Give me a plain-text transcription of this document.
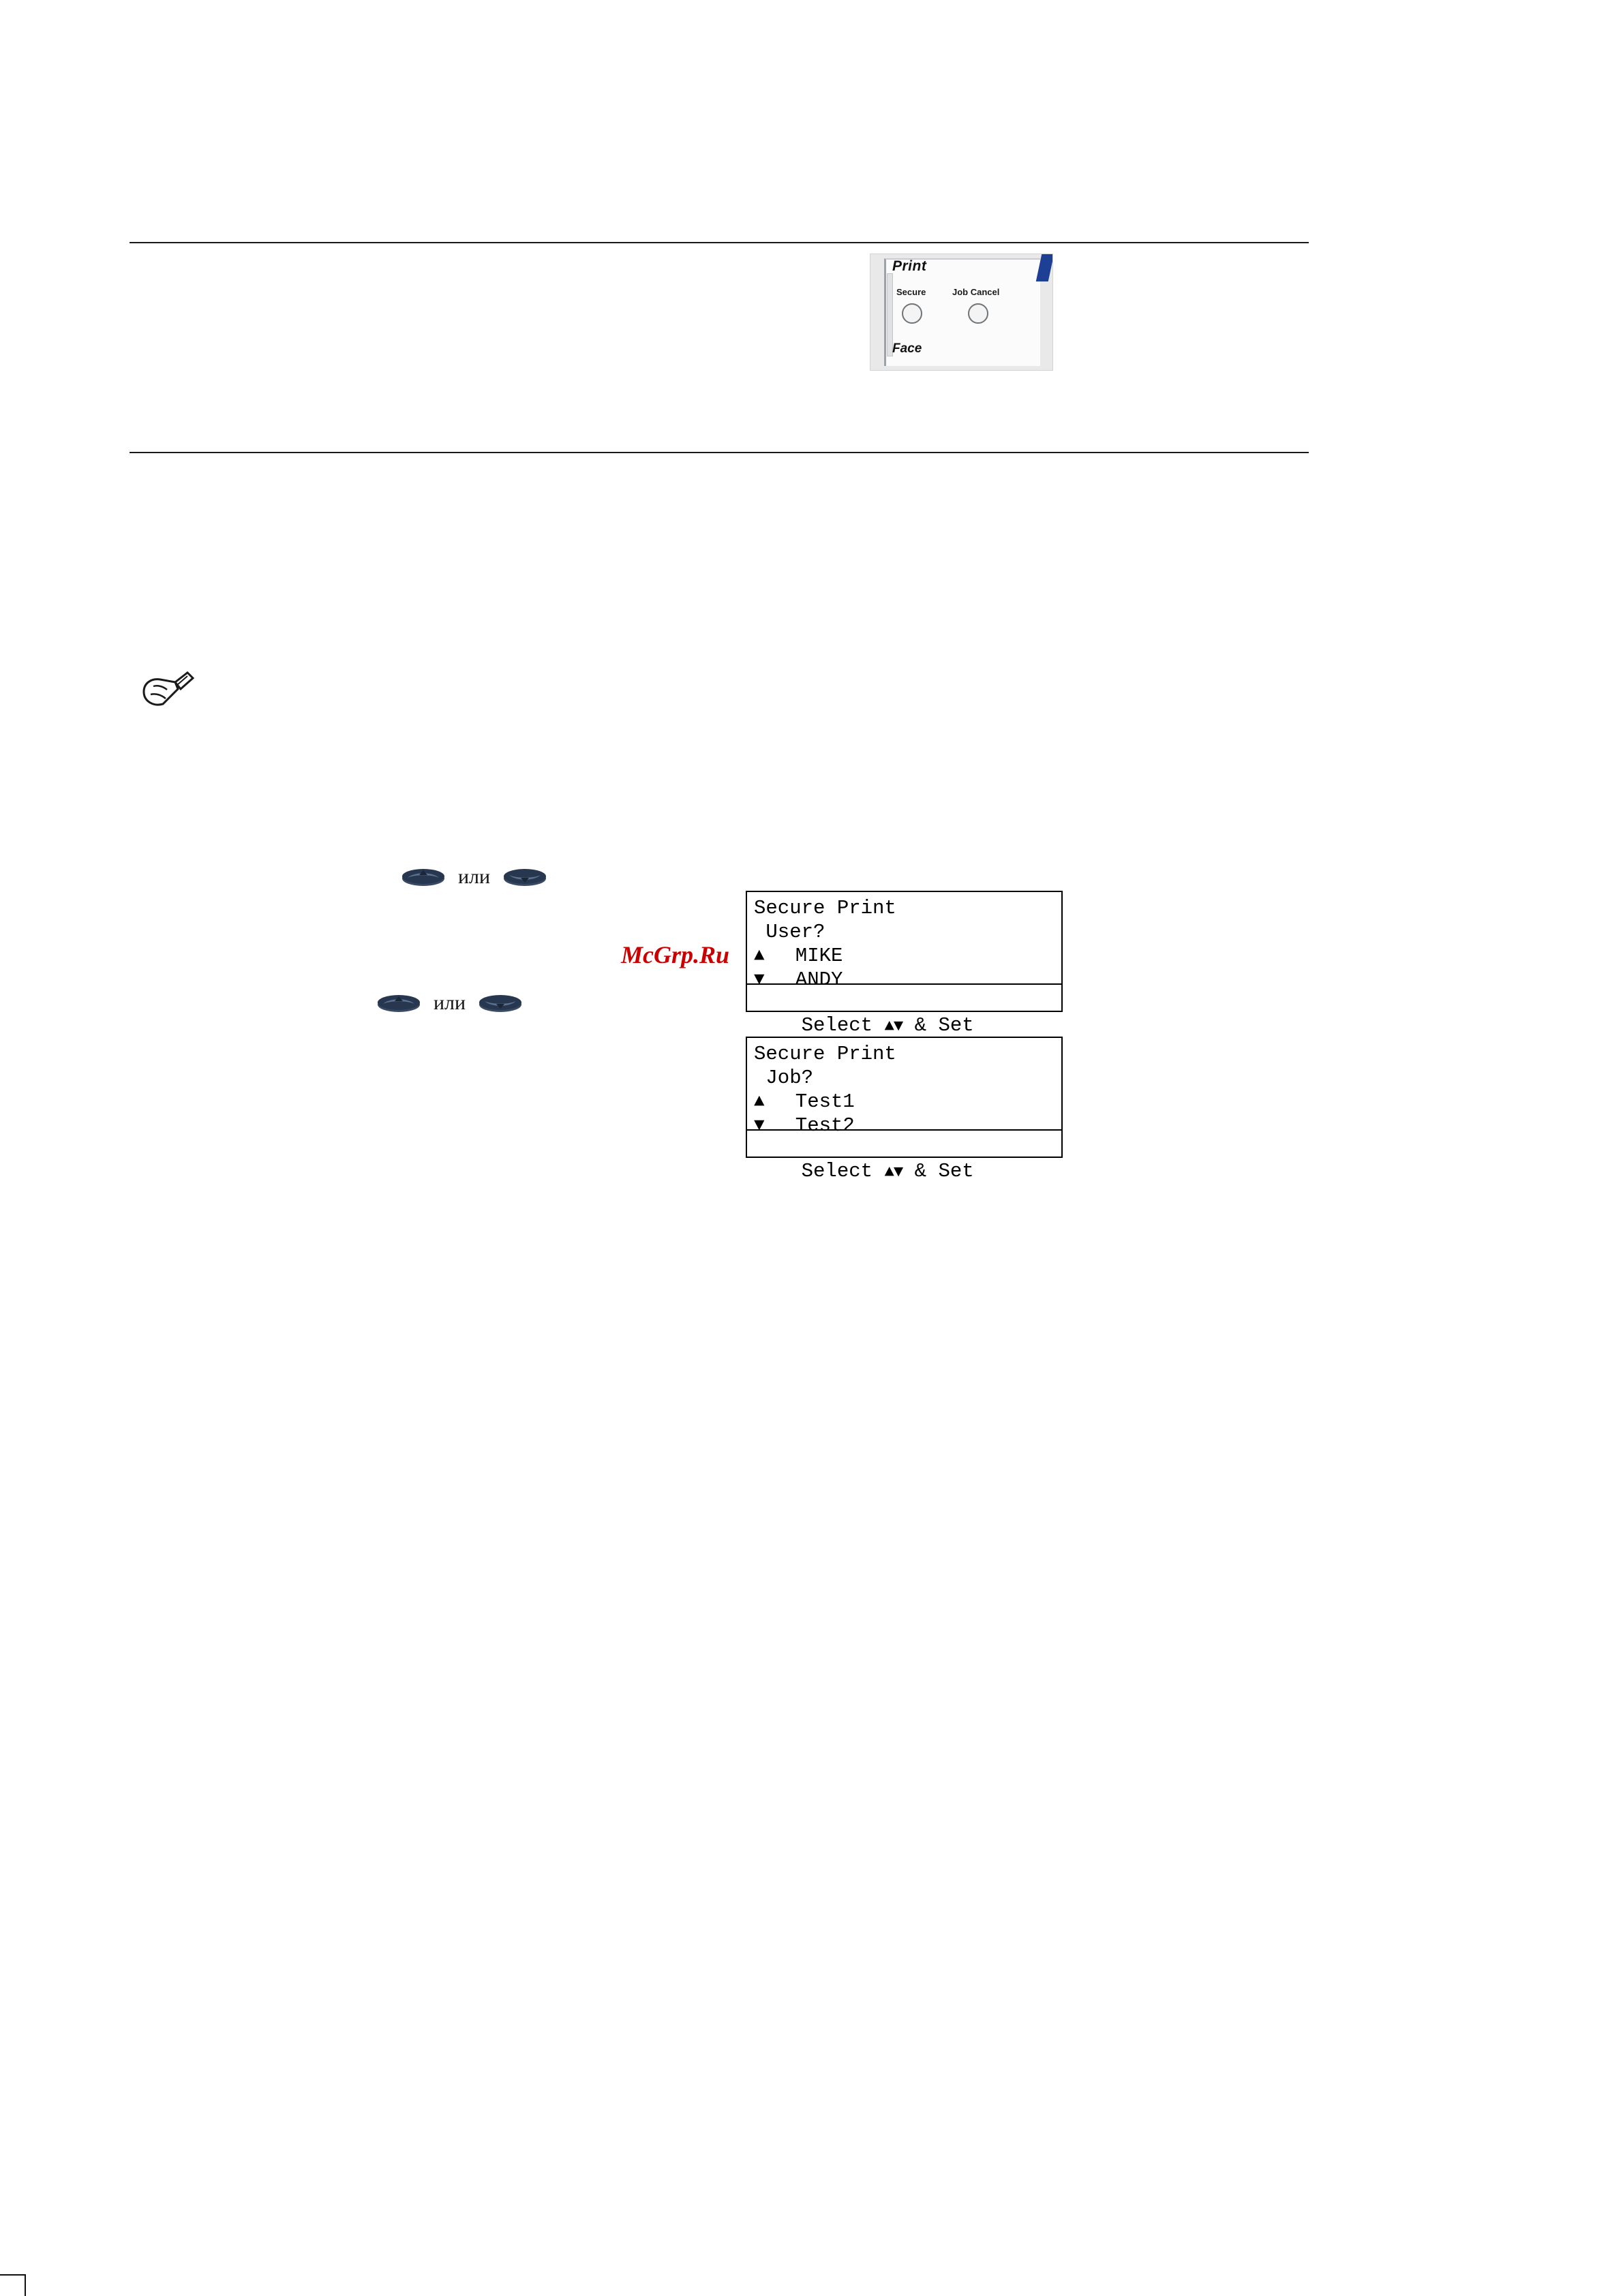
Print
Secure	Job Cancel
Face
или
или
Secure Print
User?
▲ MIKE
▼ ANDY

Select ▲▼ & Set

Secure Print
Job?
▲ Test1
▼ Test2

Select ▲▼ & Set

McGrp.Ru
